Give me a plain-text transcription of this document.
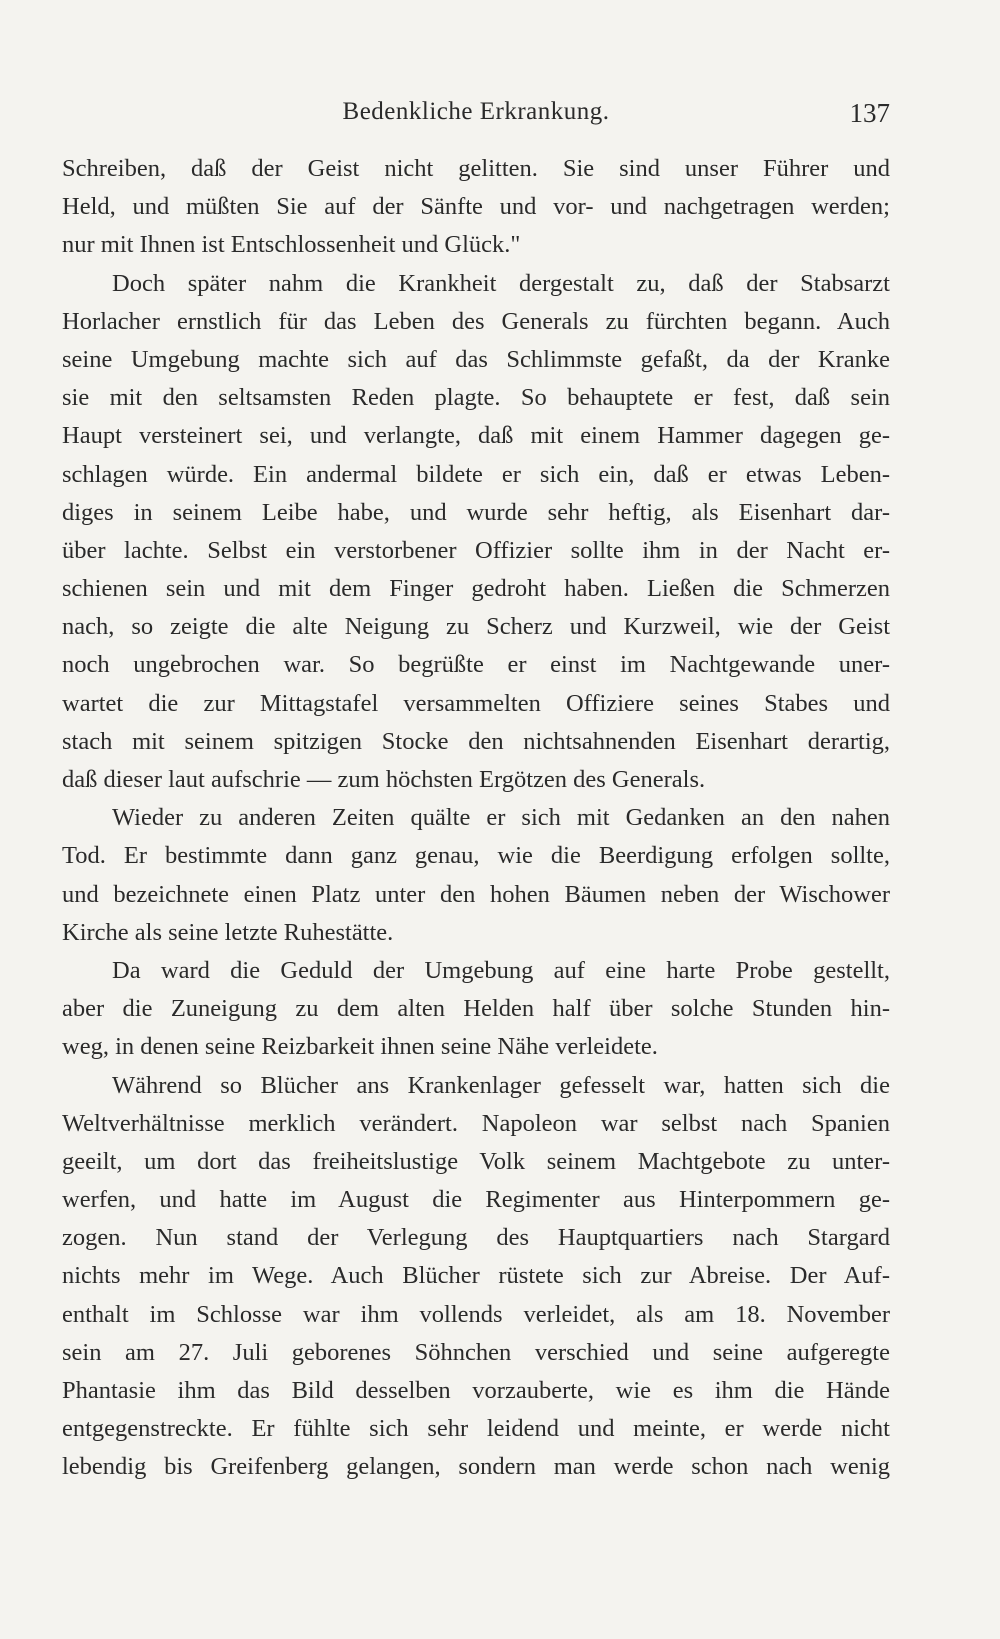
Bedenkliche Erkrankung.	137
Schreiben, daß der Geist nicht gelitten. Sie sind unser Führer und
Held, und müßten Sie auf der Sänfte und vor- und nachgetragen werden;
nur mit Ihnen ist Entschlossenheit und Glück."
Doch später nahm die Krankheit dergestalt zu, daß der Stabsarzt
Horlacher ernstlich für das Leben des Generals zu fürchten begann. Auch
seine Umgebung machte sich auf das Schlimmste gefaßt, da der Kranke
sie mit den seltsamsten Reden plagte. So behauptete er fest, daß sein
Haupt versteinert sei, und verlangte, daß mit einem Hammer dagegen ge-
schlagen würde. Ein andermal bildete er sich ein, daß er etwas Leben-
diges in seinem Leibe habe, und wurde sehr heftig, als Eisenhart dar-
über lachte. Selbst ein verstorbener Offizier sollte ihm in der Nacht er-
schienen sein und mit dem Finger gedroht haben. Ließen die Schmerzen
nach, so zeigte die alte Neigung zu Scherz und Kurzweil, wie der Geist
noch ungebrochen war. So begrüßte er einst im Nachtgewande uner-
wartet die zur Mittagstafel versammelten Offiziere seines Stabes und
stach mit seinem spitzigen Stocke den nichtsahnenden Eisenhart derartig,
daß dieser laut aufschrie — zum höchsten Ergötzen des Generals.
Wieder zu anderen Zeiten quälte er sich mit Gedanken an den nahen
Tod. Er bestimmte dann ganz genau, wie die Beerdigung erfolgen sollte,
und bezeichnete einen Platz unter den hohen Bäumen neben der Wischower
Kirche als seine letzte Ruhestätte.
Da ward die Geduld der Umgebung auf eine harte Probe gestellt,
aber die Zuneigung zu dem alten Helden half über solche Stunden hin-
weg, in denen seine Reizbarkeit ihnen seine Nähe verleidete.
Während so Blücher ans Krankenlager gefesselt war, hatten sich die
Weltverhältnisse merklich verändert. Napoleon war selbst nach Spanien
geeilt, um dort das freiheitslustige Volk seinem Machtgebote zu unter-
werfen, und hatte im August die Regimenter aus Hinterpommern ge-
zogen. Nun stand der Verlegung des Hauptquartiers nach Stargard
nichts mehr im Wege. Auch Blücher rüstete sich zur Abreise. Der Auf-
enthalt im Schlosse war ihm vollends verleidet, als am 18. November
sein am 27. Juli geborenes Söhnchen verschied und seine aufgeregte
Phantasie ihm das Bild desselben vorzauberte, wie es ihm die Hände
entgegenstreckte. Er fühlte sich sehr leidend und meinte, er werde nicht
lebendig bis Greifenberg gelangen, sondern man werde schon nach wenig
